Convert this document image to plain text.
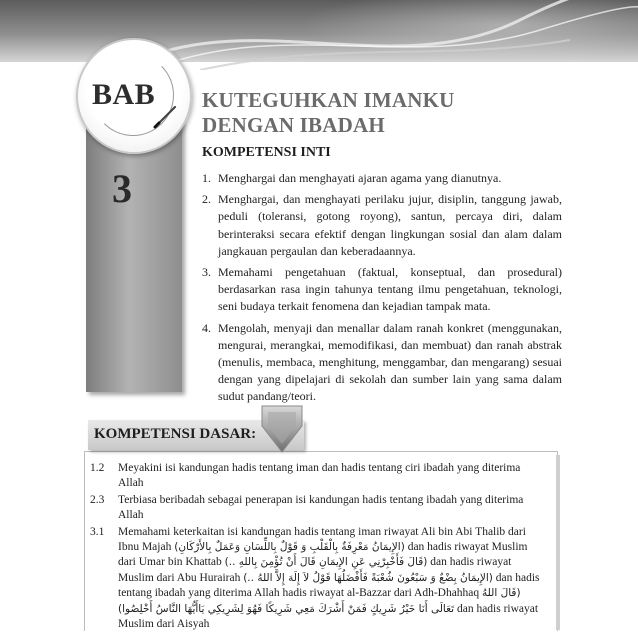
BAB
3
KUTEGUHKAN IMANKU
DENGAN IBADAH
KOMPETENSI INTI
1. Menghargai dan menghayati ajaran agama yang dianutnya.
2. Menghargai, dan menghayati perilaku jujur, disiplin, tanggung jawab, peduli (toleransi, gotong royong), santun, percaya diri, dalam berinteraksi secara efektif dengan lingkungan sosial dan alam dalam jangkauan pergaulan dan keberadaannya.
3. Memahami pengetahuan (faktual, konseptual, dan prosedural) berdasarkan rasa ingin tahunya tentang ilmu pengetahuan, teknologi, seni budaya terkait fenomena dan kejadian tampak mata.
4. Mengolah, menyaji dan menallar dalam ranah konkret (menggunakan, mengurai, merangkai, memodifikasi, dan membuat) dan ranah abstrak (menulis, membaca, menghitung, menggambar, dan mengarang) sesuai dengan yang dipelajari di sekolah dan sumber lain yang sama dalam sudut pandang/teori.
KOMPETENSI DASAR:
1.2 Meyakini isi kandungan hadis tentang iman dan hadis tentang ciri ibadah yang diterima Allah
2.3 Terbiasa beribadah sebagai penerapan isi kandungan hadis tentang ibadah yang diterima Allah
3.1 Memahami keterkaitan isi kandungan hadis tentang iman riwayat Ali bin Abi Thalib dari Ibnu Majah (الإِيمَانُ مَعْرِفَةٌ بِالْقَلْبِ وَ قَوْلٌ بِاللِّسَانِ وَعَمَلٌ بِالأَرْكَانِ) dan hadis riwayat Muslim dari Umar bin Khattab (قَالَ فَأَخْبِرْنِي عَنِ الإِيمَانِ قَالَ أَنْ تُؤْمِنَ بِاللهِ ..) dan hadis riwayat Muslim dari Abu Hurairah (الإِيمَانُ بِضْعٌ وَ سَبْعُونَ شُعْبَةً فَأَفْضَلُهَا قَوْلُ لاَ إِلَهَ إِلاَّ اللهُ ..) dan hadis tentang ibadah yang diterima Allah hadis riwayat al-Bazzar dari Adh-Dhahhaq (قَالَ اللهُ تَعَالَى أَنَا خَيْرُ شَرِيكٍ فَمَنْ أَشْرَكَ مَعِي شَرِيكًا فَهُوَ لِشَرِيكِي يَاأَيُّهَا النَّاسُ أَخْلِصُوا) dan hadis riwayat Muslim dari Aisyah
